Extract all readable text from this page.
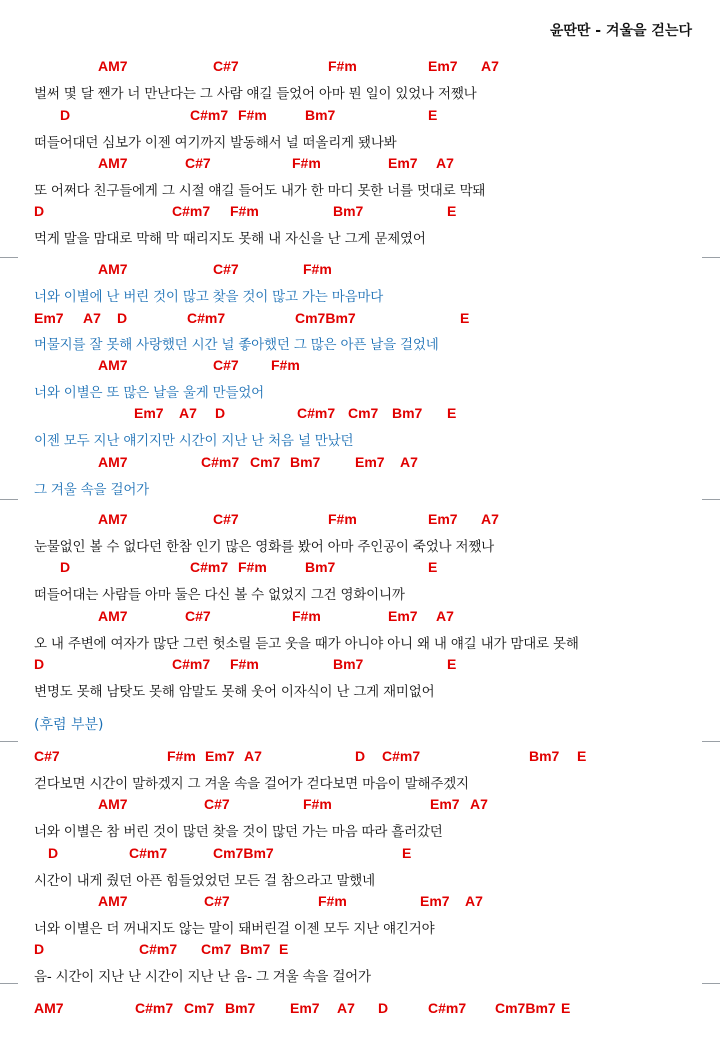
윤딴딴 - 겨울을 걷는다
AM7	C#7	F#m	Em7 A7
벌써 몇 달 짼가 너 만난다는 그 사람 얘길 들었어 아마 뭔 일이 있었나 저쨌나
D	C#m7 F#m	Bm7	E
떠들어대던 심보가 이젠 여기까지 발동해서 널 떠올리게 됐나봐
AM7	C#7	F#m	Em7 A7
또 어쩌다 친구들에게 그 시절 얘길 들어도 내가 한 마디 못한 너를 멋대로 막돼
D	C#m7 F#m	Bm7	E
먹게 말을 맘대로 막해 막 때리지도 못해 내 자신을 난 그게 문제였어
AM7	C#7	F#m
너와 이별에 난 버린 것이 많고 찾을 것이 많고 가는 마음마다
Em7 A7 D	C#m7	Cm7Bm7	E
머물지를 잘 못해 사랑했던 시간 널 좋아했던 그 많은 아픈 날을 걸었네
AM7	C#7 F#m
너와 이별은 또 많은 날을 울게 만들었어
Em7 A7 D	C#m7 Cm7 Bm7 E
이젠 모두 지난 얘기지만 시간이 지난 난 처음 널 만났던
AM7	C#m7 Cm7 Bm7 Em7 A7
그 겨울 속을 걸어가
AM7	C#7	F#m	Em7 A7
눈물없인 볼 수 없다던 한참 인기 많은 영화를 봤어 아마 주인공이 죽었나 저쨌나
D	C#m7 F#m	Bm7	E
떠들어대는 사람들 아마 둘은 다신 볼 수 없었지 그건 영화이니까
AM7	C#7	F#m	Em7 A7
오 내 주변에 여자가 많단 그런 헛소릴 듣고 웃을 때가 아니야 아니 왜 내 얘길 내가 맘대로 못해
D	C#m7 F#m	Bm7	E
변명도 못해 남탓도 못해 암말도 못해 웃어 이자식이 난 그게 재미없어
C#7	F#m Em7 A7	D C#m7	Bm7 E
걷다보면 시간이 말하겠지 그 겨울 속을 걸어가 걷다보면 마음이 말해주겠지
AM7	C#7	F#m	Em7 A7
너와 이별은 참 버린 것이 많던 찾을 것이 많던 가는 마음 따라 흘러갔던
D	C#m7	Cm7Bm7	E
시간이 내게 줬던 아픈 힘들었었던 모든 걸 참으라고 말했네
AM7	C#7	F#m	Em7 A7
너와 이별은 더 꺼내지도 않는 말이 돼버린걸 이젠 모두 지난 얘긴거야
D	C#m7 Cm7 Bm7 E
음- 시간이 지난 난 시간이 지난 난 음- 그 겨울 속을 걸어가
AM7	C#m7 Cm7 Bm7 Em7 A7 D	C#m7 Cm7Bm7 E
(후렴 부분)
